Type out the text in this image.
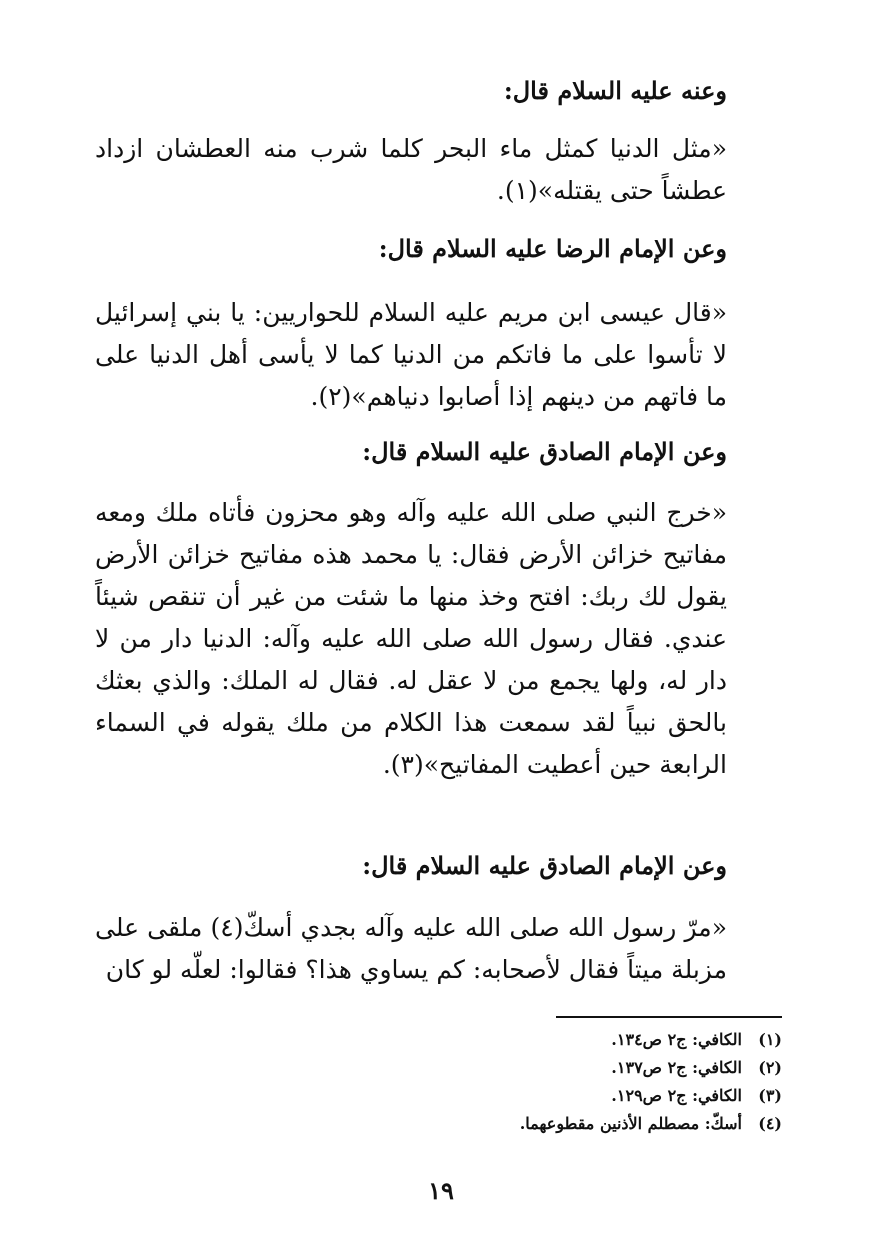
وعنه عليه السلام قال:
«مثل الدنيا كمثل ماء البحر كلما شرب منه العطشان ازداد عطشاً حتى يقتله»(١).
وعن الإمام الرضا عليه السلام قال:
«قال عيسى ابن مريم عليه السلام للحواريين: يا بني إسرائيل لا تأسوا على ما فاتكم من الدنيا كما لا يأسى أهل الدنيا على ما فاتهم من دينهم إذا أصابوا دنياهم»(٢).
وعن الإمام الصادق عليه السلام قال:
«خرج النبي صلى الله عليه وآله وهو محزون فأتاه ملك ومعه مفاتيح خزائن الأرض فقال: يا محمد هذه مفاتيح خزائن الأرض يقول لك ربك: افتح وخذ منها ما شئت من غير أن تنقص شيئاً عندي. فقال رسول الله صلى الله عليه وآله: الدنيا دار من لا دار له، ولها يجمع من لا عقل له. فقال له الملك: والذي بعثك بالحق نبياً لقد سمعت هذا الكلام من ملك يقوله في السماء الرابعة حين أعطيت المفاتيح»(٣).
وعن الإمام الصادق عليه السلام قال:
«مرّ رسول الله صلى الله عليه وآله بجدي أسكّ(٤) ملقى على مزبلة ميتاً فقال لأصحابه: كم يساوي هذا؟ فقالوا: لعلّه لو كان
(١)
الكافي: ج٢ ص١٣٤.
(٢)
الكافي: ج٢ ص١٣٧.
(٣)
الكافي: ج٢ ص١٢٩.
(٤)
أسكّ: مصطلم الأذنين مقطوعهما.
١٩
